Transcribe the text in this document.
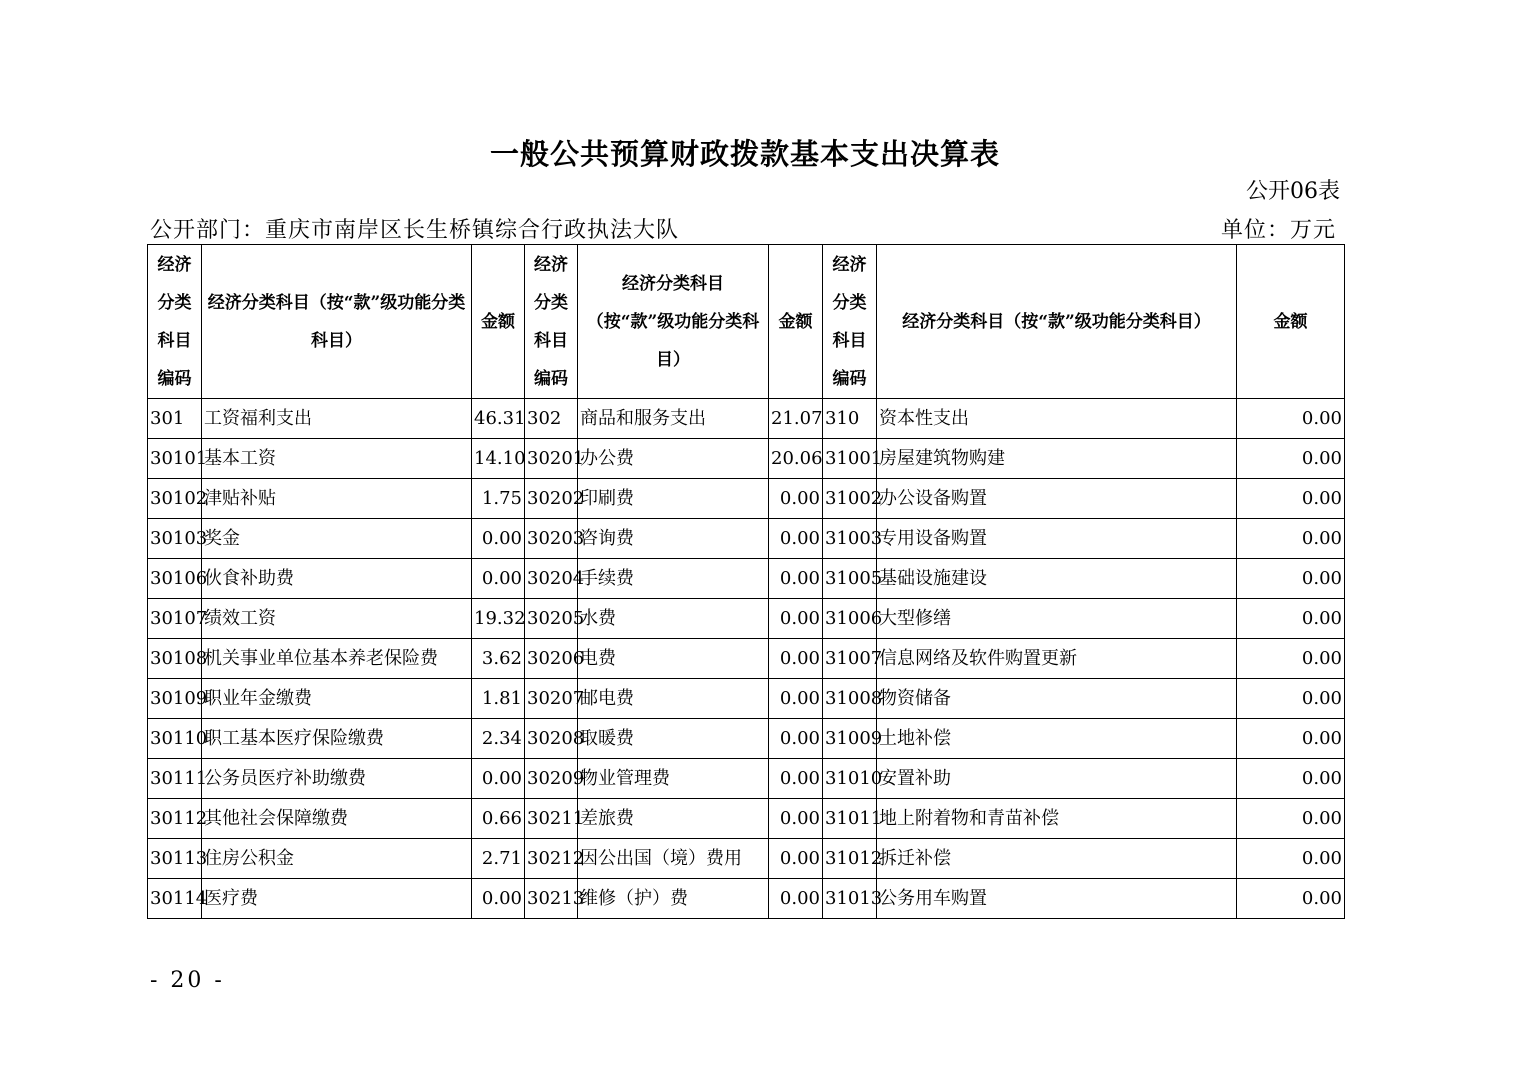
一般公共预算财政拨款基本支出决算表
公开06表
公开部门：重庆市南岸区长生桥镇综合行政执法大队	单位：万元
经济分类科目编码	经济分类科目（按“款”级功能分类科目）	金额	经济分类科目编码	经济分类科目（按“款”级功能分类科目）	金额	经济分类科目编码	经济分类科目（按“款”级功能分类科目）	金额
301	工资福利支出	46.31	302	商品和服务支出	21.07	310	资本性支出	0.00
30101	基本工资	14.10	30201	办公费	20.06	31001	房屋建筑物购建	0.00
30102	津贴补贴	1.75	30202	印刷费	0.00	31002	办公设备购置	0.00
30103	奖金	0.00	30203	咨询费	0.00	31003	专用设备购置	0.00
30106	伙食补助费	0.00	30204	手续费	0.00	31005	基础设施建设	0.00
30107	绩效工资	19.32	30205	水费	0.00	31006	大型修缮	0.00
30108	机关事业单位基本养老保险费	3.62	30206	电费	0.00	31007	信息网络及软件购置更新	0.00
30109	职业年金缴费	1.81	30207	邮电费	0.00	31008	物资储备	0.00
30110	职工基本医疗保险缴费	2.34	30208	取暖费	0.00	31009	土地补偿	0.00
30111	公务员医疗补助缴费	0.00	30209	物业管理费	0.00	31010	安置补助	0.00
30112	其他社会保障缴费	0.66	30211	差旅费	0.00	31011	地上附着物和青苗补偿	0.00
30113	住房公积金	2.71	30212	因公出国（境）费用	0.00	31012	拆迁补偿	0.00
30114	医疗费	0.00	30213	维修（护）费	0.00	31013	公务用车购置	0.00
- 20 -
